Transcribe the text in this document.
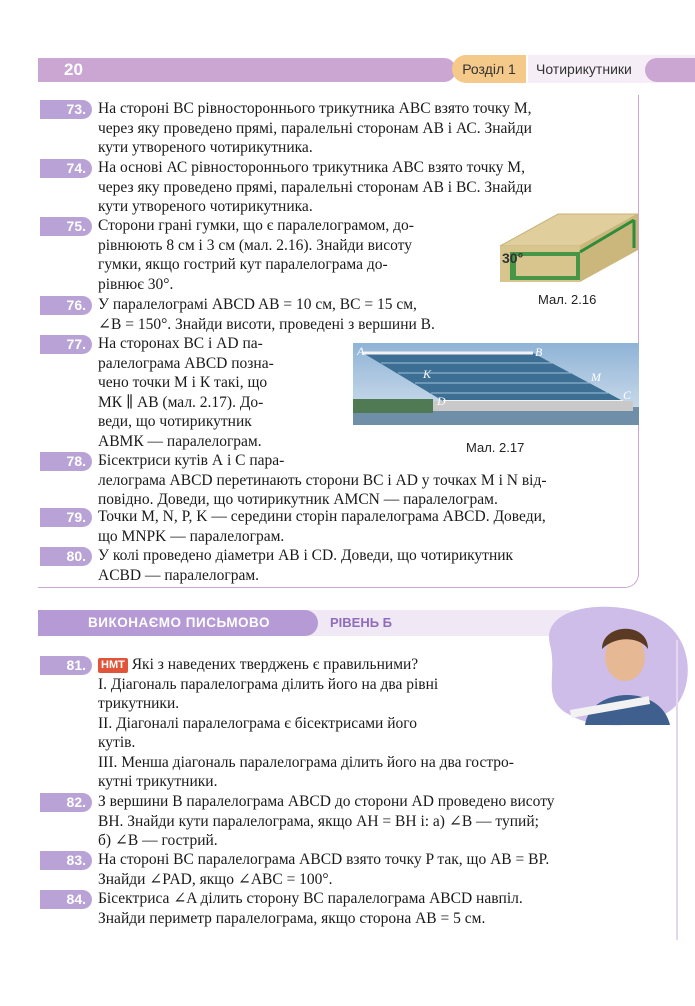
20	Розділ 1	Чотирикутники
73. На стороні ВС рівностороннього трикутника АВС взято точку М,
через яку проведено прямі, паралельні сторонам АВ і АС. Знайди
кути утвореного чотирикутника.
74. На основі АС рівностороннього трикутника АВС взято точку М,
через яку проведено прямі, паралельні сторонам АВ і ВС. Знайди
кути утвореного чотирикутника.
75. Сторони грані гумки, що є паралелограмом, до-
рівнюють 8 см і 3 см (мал. 2.16). Знайди висоту
гумки, якщо гострий кут паралелограма до-
рівнює 30°.
30°
Мал. 2.16
76. У паралелограмі ABCD AB = 10 см, BC = 15 см,
∠B = 150°. Знайди висоти, проведені з вершини B.
77. На сторонах ВС і АD па-
ралелограма АВСD позна-
чено точки М і К такі, що
МК ∥ АВ (мал. 2.17). До-
веди, що чотирикутник
АВМК — паралелограм.
A	B
K	M
D	C
Мал. 2.17
78. Бісектриси кутів А і С пара-
лелограма АВСD перетинають сторони ВС і АD у точках М і N від-
повідно. Доведи, що чотирикутник АМСN — паралелограм.
79. Точки M, N, P, K — середини сторін паралелограма ABCD. Доведи,
що MNPK — паралелограм.
80. У колі проведено діаметри AB і CD. Доведи, що чотирикутник
ACBD — паралелограм.
РІВЕНЬ Б
ВИКОНАЄМО ПИСЬМОВО
81.	НМТ Які з наведених тверджень є правильними?
I. Діагональ паралелограма ділить його на два рівні
трикутники.
II. Діагоналі паралелограма є бісектрисами його
кутів.
III. Менша діагональ паралелограма ділить його на два гостро-
кутні трикутники.
82. З вершини B паралелограма ABCD до сторони AD проведено висоту
BH. Знайди кути паралелограма, якщо AH = BH і: а) ∠B — тупий;
б) ∠B — гострий.
83. На стороні BC паралелограма ABCD взято точку P так, що AB = BP.
Знайди ∠PAD, якщо ∠ABC = 100°.
84. Бісектриса ∠A ділить сторону BC паралелограма ABCD навпіл.
Знайди периметр паралелограма, якщо сторона AB = 5 см.
